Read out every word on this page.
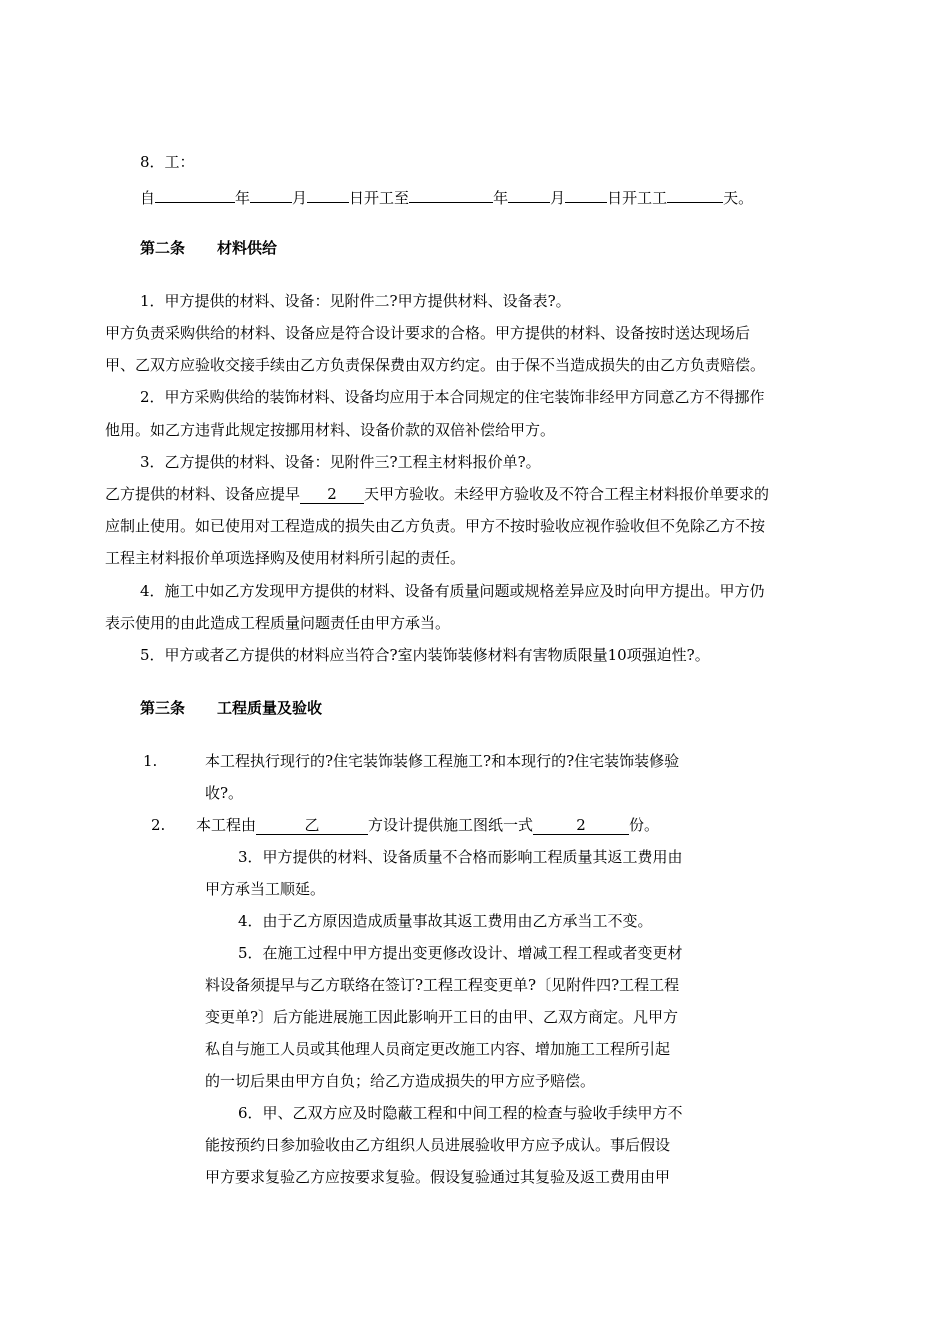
8．工：

自	年	月	日开工至	年	月	日开工工	天。

第二条 材料供给

1．甲方提供的材料、设备：见附件二?甲方提供材料、设备表?。

甲方负责采购供给的材料、设备应是符合设计要求的合格。甲方提供的材料、设备按时送达现场后

甲、乙双方应验收交接手续由乙方负责保保费由双方约定。由于保不当造成损失的由乙方负责赔偿。

2．甲方采购供给的装饰材料、设备均应用于本合同规定的住宅装饰非经甲方同意乙方不得挪作

他用。如乙方违背此规定按挪用材料、设备价款的双倍补偿给甲方。

3．乙方提供的材料、设备：见附件三?工程主材料报价单?。

乙方提供的材料、设备应提早 2 天甲方验收。未经甲方验收及不符合工程主材料报价单要求的

应制止使用。如已使用对工程造成的损失由乙方负责。甲方不按时验收应视作验收但不免除乙方不按

工程主材料报价单项选择购及使用材料所引起的责任。

4．施工中如乙方发现甲方提供的材料、设备有质量问题或规格差异应及时向甲方提出。甲方仍

表示使用的由此造成工程质量问题责任由甲方承当。

5．甲方或者乙方提供的材料应当符合?室内装饰装修材料有害物质限量10项强迫性?。

第三条 工程质量及验收

1.	本工程执行现行的?住宅装饰装修工程施工?和本现行的?住宅装饰装修验

收?。

2. 本工程由	乙	方设计提供施工图纸一式	2	份。

3．甲方提供的材料、设备质量不合格而影响工程质量其返工费用由

甲方承当工顺延。

4．由于乙方原因造成质量事故其返工费用由乙方承当工不变。

5．在施工过程中甲方提出变更修改设计、增减工程工程或者变更材

料设备须提早与乙方联络在签订?工程工程变更单?〔见附件四?工程工程

变更单?〕后方能进展施工因此影响开工日的由甲、乙双方商定。凡甲方

私自与施工人员或其他理人员商定更改施工内容、增加施工工程所引起

的一切后果由甲方自负；给乙方造成损失的甲方应予赔偿。

6．甲、乙双方应及时隐蔽工程和中间工程的检查与验收手续甲方不

能按预约日参加验收由乙方组织人员进展验收甲方应予成认。事后假设

甲方要求复验乙方应按要求复验。假设复验通过其复验及返工费用由甲
